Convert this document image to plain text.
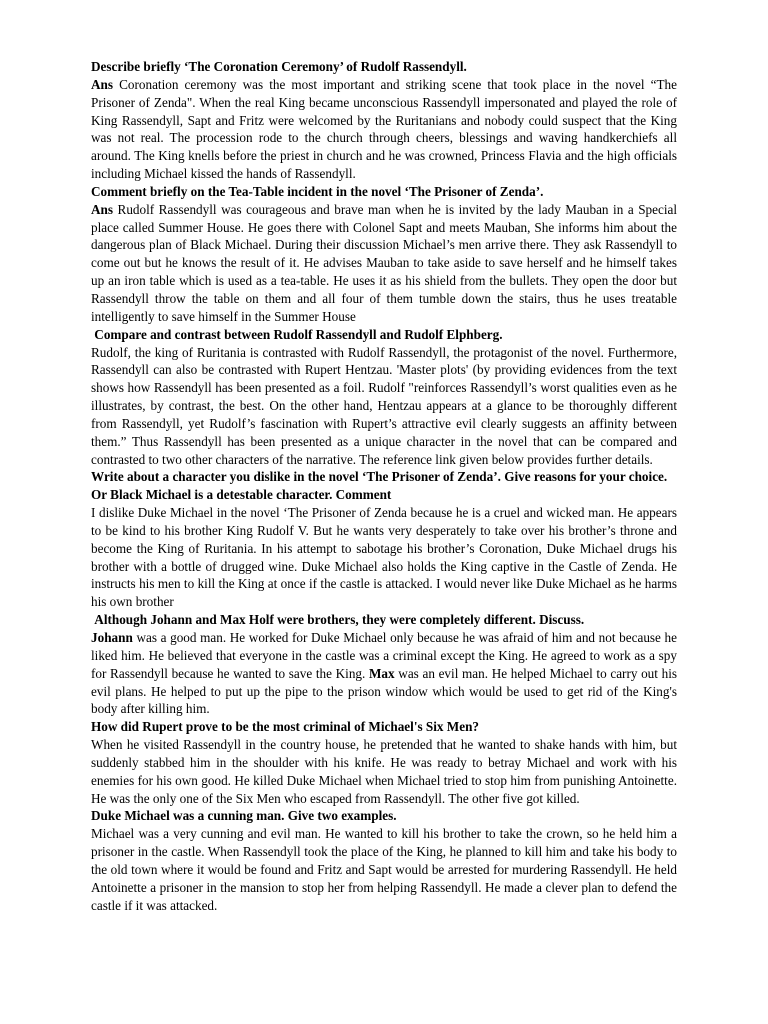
Describe briefly ‘The Coronation Ceremony’ of Rudolf Rassendyll.

Ans Coronation ceremony was the most important and striking scene that took place in the novel “The Prisoner of Zenda". When the real King became unconscious Rassendyll impersonated and played the role of King Rassendyll, Sapt and Fritz were welcomed by the Ruritanians and nobody could suspect that the King was not real. The procession rode to the church through cheers, blessings and waving handkerchiefs all around. The King knells before the priest in church and he was crowned, Princess Flavia and the high officials including Michael kissed the hands of Rassendyll.

Comment briefly on the Tea-Table incident in the novel ‘The Prisoner of Zenda’.

Ans Rudolf Rassendyll was courageous and brave man when he is invited by the lady Mauban in a Special place called Summer House. He goes there with Colonel Sapt and meets Mauban, She informs him about the dangerous plan of Black Michael. During their discussion Michael’s men arrive there. They ask Rassendyll to come out but he knows the result of it. He advises Mauban to take aside to save herself and he himself takes up an iron table which is used as a tea-table. He uses it as his shield from the bullets. They open the door but Rassendyll throw the table on them and all four of them tumble down the stairs, thus he uses treatable intelligently to save himself in the Summer House

Compare and contrast between Rudolf Rassendyll and Rudolf Elphberg.

Rudolf, the king of Ruritania is contrasted with Rudolf Rassendyll, the protagonist of the novel. Furthermore, Rassendyll can also be contrasted with Rupert Hentzau. 'Master plots' (by providing evidences from the text shows how Rassendyll has been presented as a foil. Rudolf "reinforces Rassendyll’s worst qualities even as he illustrates, by contrast, the best. On the other hand, Hentzau appears at a glance to be thoroughly different from Rassendyll, yet Rudolf’s fascination with Rupert’s attractive evil clearly suggests an affinity between them.” Thus Rassendyll has been presented as a unique character in the novel that can be compared and contrasted to two other characters of the narrative. The reference link given below provides further details.

Write about a character you dislike in the novel ‘The Prisoner of Zenda’. Give reasons for your choice. Or Black Michael is a detestable character. Comment

I dislike Duke Michael in the novel ‘The Prisoner of Zenda because he is a cruel and wicked man. He appears to be kind to his brother King Rudolf V. But he wants very desperately to take over his brother’s throne and become the King of Ruritania. In his attempt to sabotage his brother’s Coronation, Duke Michael drugs his brother with a bottle of drugged wine. Duke Michael also holds the King captive in the Castle of Zenda. He instructs his men to kill the King at once if the castle is attacked. I would never like Duke Michael as he harms his own brother

Although Johann and Max Holf were brothers, they were completely different. Discuss.

Johann was a good man. He worked for Duke Michael only because he was afraid of him and not because he liked him. He believed that everyone in the castle was a criminal except the King. He agreed to work as a spy for Rassendyll because he wanted to save the King. Max was an evil man. He helped Michael to carry out his evil plans. He helped to put up the pipe to the prison window which would be used to get rid of the King's body after killing him.

How did Rupert prove to be the most criminal of Michael's Six Men?

When he visited Rassendyll in the country house, he pretended that he wanted to shake hands with him, but suddenly stabbed him in the shoulder with his knife. He was ready to betray Michael and work with his enemies for his own good. He killed Duke Michael when Michael tried to stop him from punishing Antoinette. He was the only one of the Six Men who escaped from Rassendyll. The other five got killed.

Duke Michael was a cunning man. Give two examples.

Michael was a very cunning and evil man. He wanted to kill his brother to take the crown, so he held him a prisoner in the castle. When Rassendyll took the place of the King, he planned to kill him and take his body to the old town where it would be found and Fritz and Sapt would be arrested for murdering Rassendyll. He held Antoinette a prisoner in the mansion to stop her from helping Rassendyll. He made a clever plan to defend the castle if it was attacked.
